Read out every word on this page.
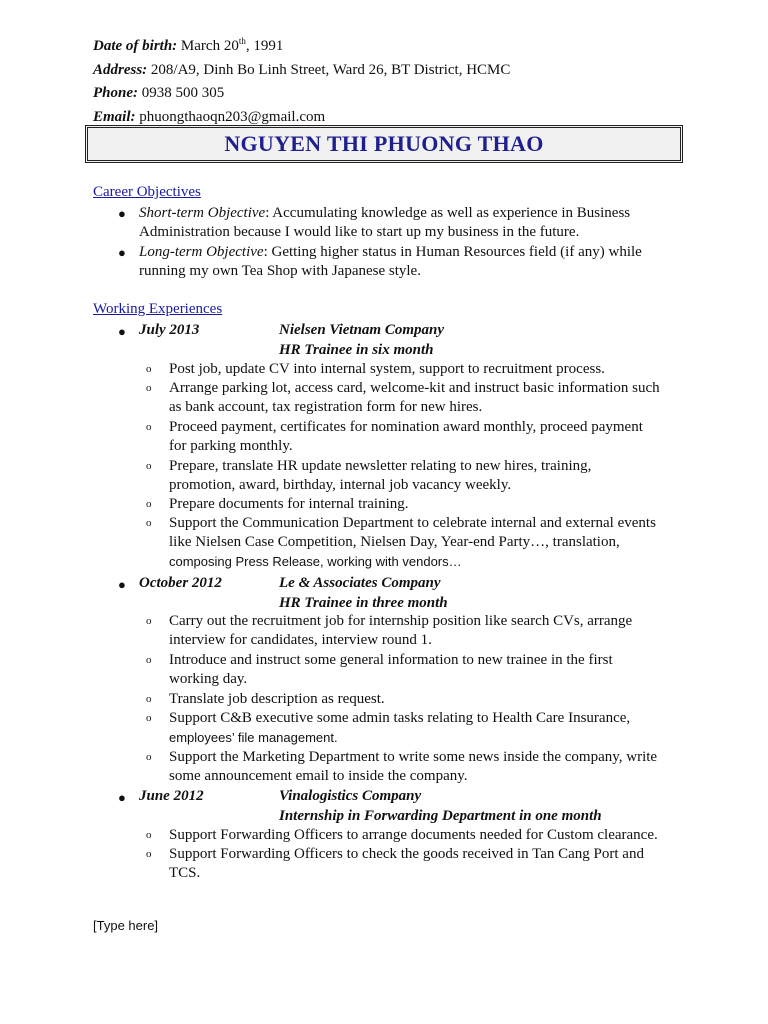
Date of birth: March 20th, 1991
Address: 208/A9, Dinh Bo Linh Street, Ward 26, BT District, HCMC
Phone: 0938 500 305
Email: phuongthaoqn203@gmail.com
NGUYEN THI PHUONG THAO
Career Objectives
● Short-term Objective: Accumulating knowledge as well as experience in Business
Administration because I would like to start up my business in the future.
● Long-term Objective: Getting higher status in Human Resources field (if any) while
running my own Tea Shop with Japanese style.
Working Experiences
● July 2013	Nielsen Vietnam Company
HR Trainee in six month
o	Post job, update CV into internal system, support to recruitment process.
o	Arrange parking lot, access card, welcome-kit and instruct basic information such
as bank account, tax registration form for new hires.
o	Proceed payment, certificates for nomination award monthly, proceed payment
for parking monthly.
o	Prepare, translate HR update newsletter relating to new hires, training,
promotion, award, birthday, internal job vacancy weekly.
o	Prepare documents for internal training.
o	Support the Communication Department to celebrate internal and external events
like Nielsen Case Competition, Nielsen Day, Year-end Party…, translation,
composing Press Release, working with vendors…
● October 2012	Le & Associates Company
HR Trainee in three month
o	Carry out the recruitment job for internship position like search CVs, arrange
interview for candidates, interview round 1.
o	Introduce and instruct some general information to new trainee in the first
working day.
o	Translate job description as request.
o	Support C&B executive some admin tasks relating to Health Care Insurance,
employees’ file management.
o	Support the Marketing Department to write some news inside the company, write
some announcement email to inside the company.
● June 2012	Vinalogistics Company
Internship in Forwarding Department in one month
o	Support Forwarding Officers to arrange documents needed for Custom clearance.
o	Support Forwarding Officers to check the goods received in Tan Cang Port and
TCS.
[Type here]
